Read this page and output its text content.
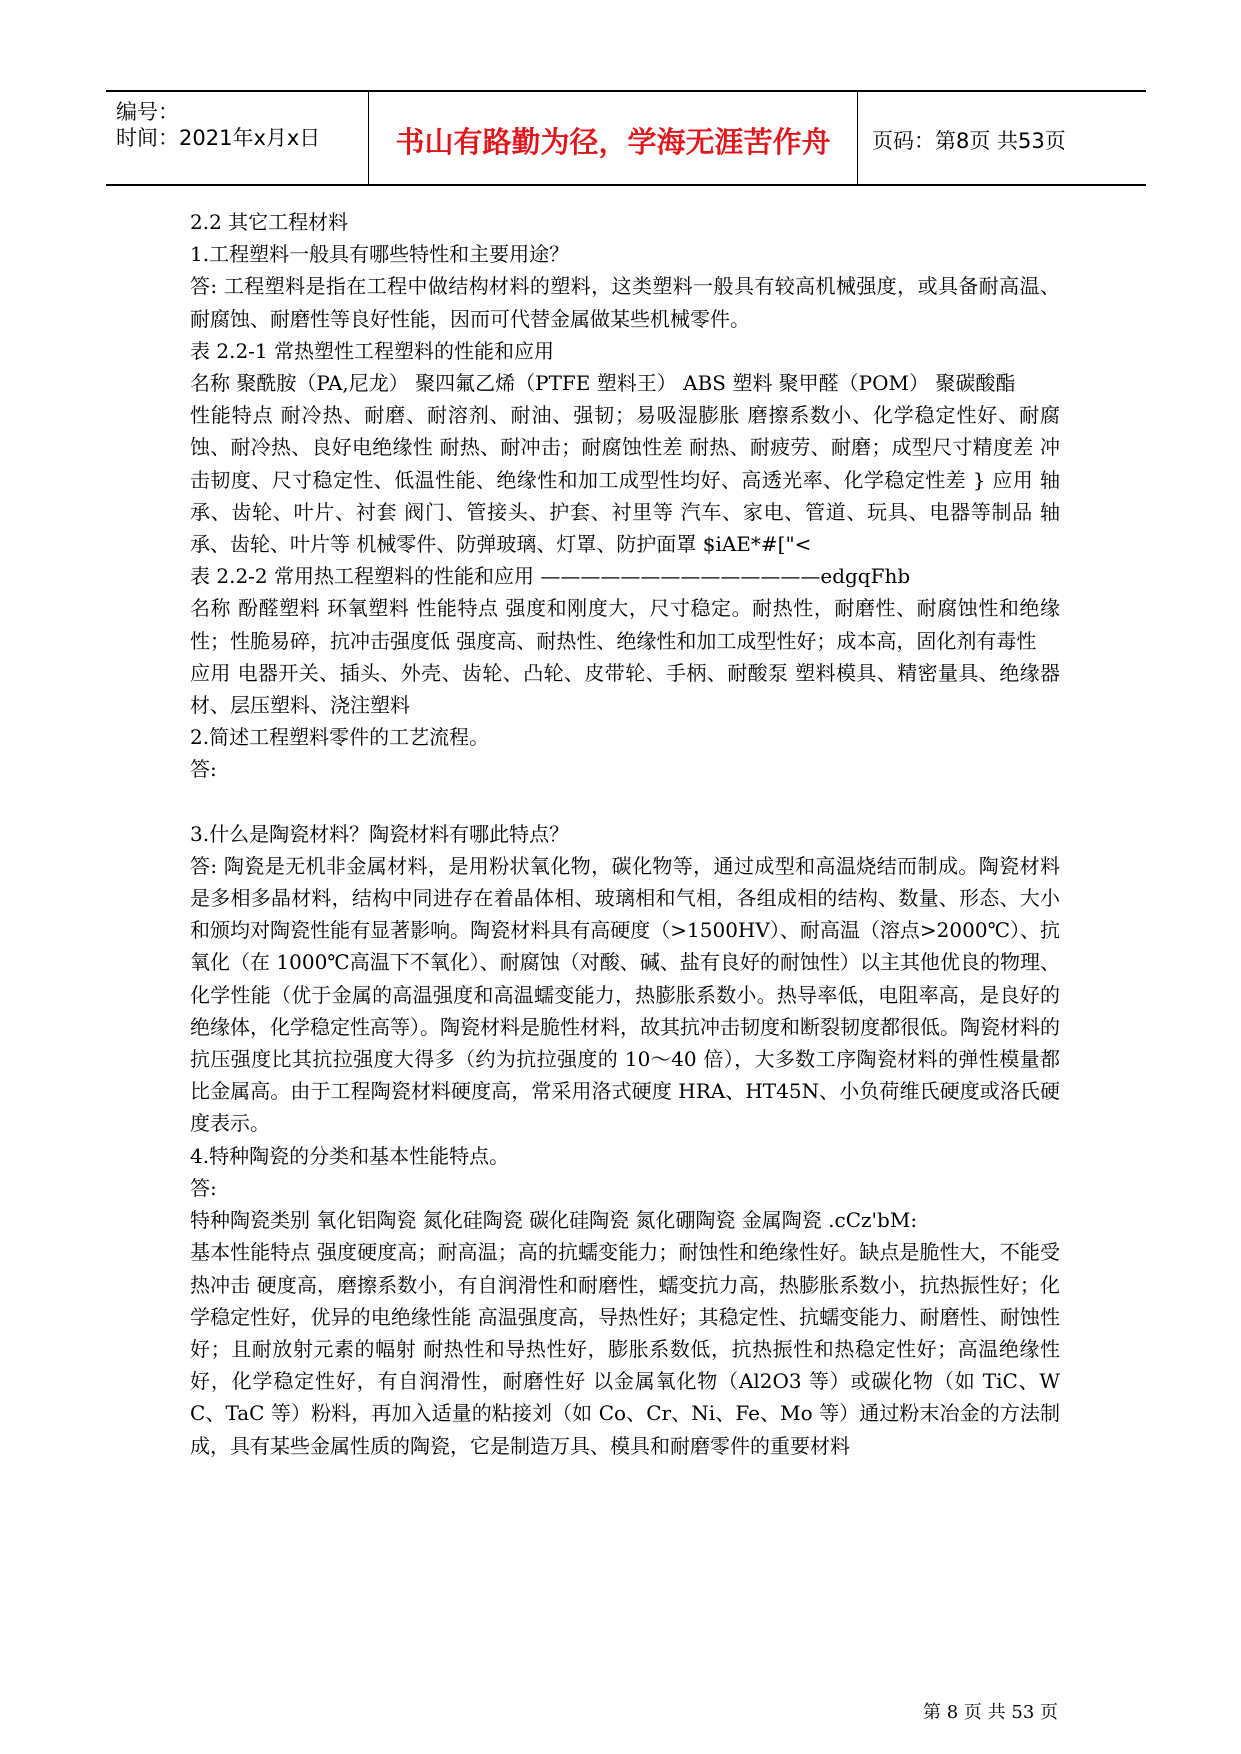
编号：
时间：2021年x月x日	书山有路勤为径，学海无涯苦作舟	页码：第8页 共53页

2.2 其它工程材料

1.工程塑料一般具有哪些特性和主要用途？

答: 工程塑料是指在工程中做结构材料的塑料，这类塑料一般具有较高机械强度，或具备耐高温、耐腐蚀、耐磨性等良好性能，因而可代替金属做某些机械零件。

表 2.2-1 常热塑性工程塑料的性能和应用

名称 聚酰胺（PA,尼龙） 聚四氟乙烯（PTFE 塑料王） ABS 塑料 聚甲醛（POM） 聚碳酸酯

性能特点 耐冷热、耐磨、耐溶剂、耐油、强韧；易吸湿膨胀 磨擦系数小、化学稳定性好、耐腐蚀、耐冷热、良好电绝缘性 耐热、耐冲击；耐腐蚀性差 耐热、耐疲劳、耐磨；成型尺寸精度差 冲击韧度、尺寸稳定性、低温性能、绝缘性和加工成型性均好、高透光率、化学稳定性差 } 应用 轴承、齿轮、叶片、衬套 阀门、管接头、护套、衬里等 汽车、家电、管道、玩具、电器等制品 轴承、齿轮、叶片等 机械零件、防弹玻璃、灯罩、防护面罩 $iAE*#["<

表 2.2-2 常用热工程塑料的性能和应用 ——————————————edgqFhb

名称 酚醛塑料 环氧塑料 性能特点 强度和刚度大，尺寸稳定。耐热性，耐磨性、耐腐蚀性和绝缘性；性脆易碎，抗冲击强度低 强度高、耐热性、绝缘性和加工成型性好；成本高，固化剂有毒性

应用 电器开关、插头、外壳、齿轮、凸轮、皮带轮、手柄、耐酸泵 塑料模具、精密量具、绝缘器材、层压塑料、浇注塑料

2.简述工程塑料零件的工艺流程。

答:

3.什么是陶瓷材料？陶瓷材料有哪此特点？

答: 陶瓷是无机非金属材料，是用粉状氧化物，碳化物等，通过成型和高温烧结而制成。陶瓷材料是多相多晶材料，结构中同进存在着晶体相、玻璃相和气相，各组成相的结构、数量、形态、大小和颁均对陶瓷性能有显著影响。陶瓷材料具有高硬度（>1500HV）、耐高温（溶点>2000℃）、抗氧化（在 1000℃高温下不氧化）、耐腐蚀（对酸、碱、盐有良好的耐蚀性）以主其他优良的物理、化学性能（优于金属的高温强度和高温蠕变能力，热膨胀系数小。热导率低，电阻率高，是良好的绝缘体，化学稳定性高等）。陶瓷材料是脆性材料，故其抗冲击韧度和断裂韧度都很低。陶瓷材料的抗压强度比其抗拉强度大得多（约为抗拉强度的 10～40 倍），大多数工序陶瓷材料的弹性模量都比金属高。由于工程陶瓷材料硬度高，常采用洛式硬度 HRA、HT45N、小负荷维氏硬度或洛氏硬度表示。

4.特种陶瓷的分类和基本性能特点。

答:

特种陶瓷类别 氧化铝陶瓷 氮化硅陶瓷 碳化硅陶瓷 氮化硼陶瓷 金属陶瓷 .cCz'bM:

基本性能特点 强度硬度高；耐高温；高的抗蠕变能力；耐蚀性和绝缘性好。缺点是脆性大，不能受热冲击 硬度高，磨擦系数小，有自润滑性和耐磨性，蠕变抗力高，热膨胀系数小，抗热振性好；化学稳定性好，优异的电绝缘性能 高温强度高，导热性好；其稳定性、抗蠕变能力、耐磨性、耐蚀性好；且耐放射元素的幅射 耐热性和导热性好，膨胀系数低，抗热振性和热稳定性好；高温绝缘性好，化学稳定性好，有自润滑性，耐磨性好 以金属氧化物（Al2O3 等）或碳化物（如 TiC、WC、TaC 等）粉料，再加入适量的粘接刘（如 Co、Cr、Ni、Fe、Mo 等）通过粉末冶金的方法制成，具有某些金属性质的陶瓷，它是制造万具、模具和耐磨零件的重要材料

第 8 页 共 53 页
